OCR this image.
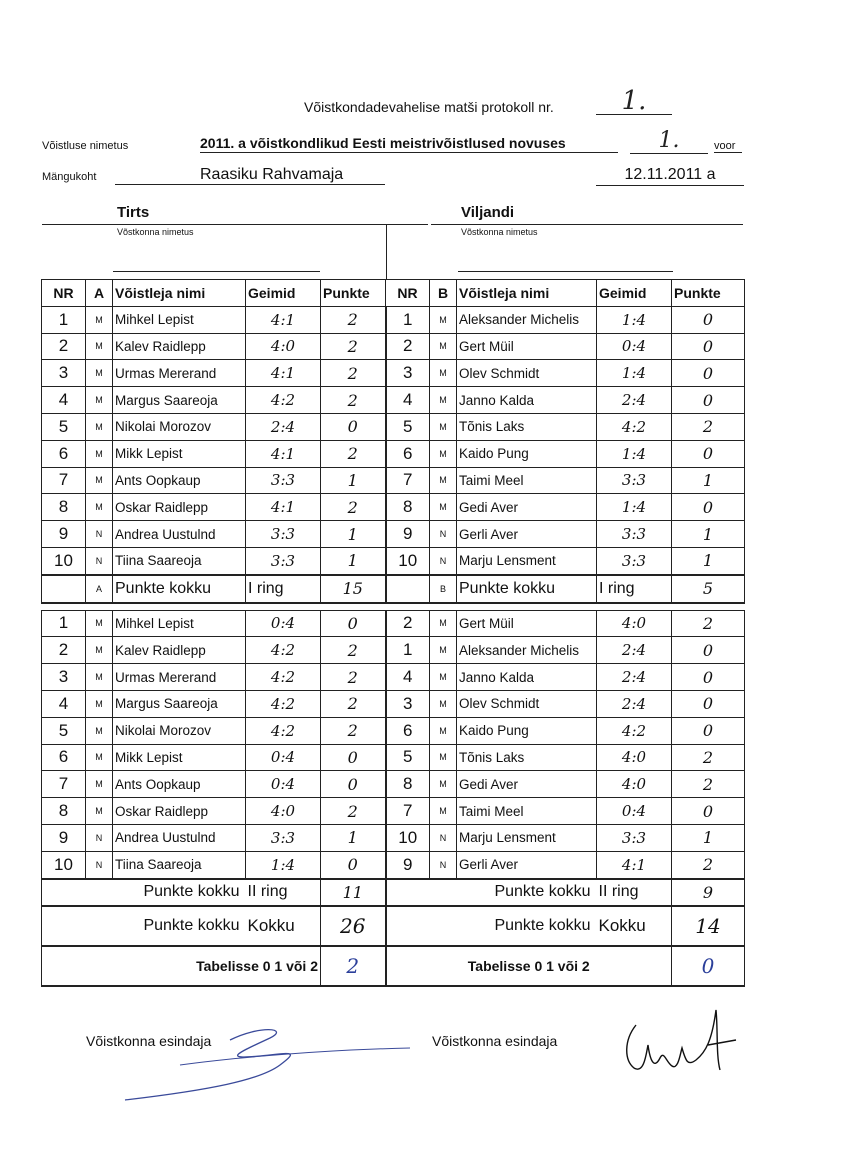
Võistkondadevahelise matši protokoll nr.	1.
Võistluse nimetus	2011. a võistkondlikud Eesti meistrivõistlused novuses	1.	voor
Mängukoht	Raasiku Rahvamaja	12.11.2011 a
Tirts
Võstkonna nimetus
Viljandi
Võstkonna nimetus
NR	A	Võistleja nimi	Geimid	Punkte	NR	B	Võistleja nimi	Geimid	Punkte
1	M	Mihkel Lepist	4:1	2	1	M	Aleksander Michelis	1:4	0
2	M	Kalev Raidlepp	4:0	2	2	M	Gert Müil	0:4	0
3	M	Urmas Mererand	4:1	2	3	M	Olev Schmidt	1:4	0
4	M	Margus Saareoja	4:2	2	4	M	Janno Kalda	2:4	0
5	M	Nikolai Morozov	2:4	0	5	M	Tõnis Laks	4:2	2
6	M	Mikk Lepist	4:1	2	6	M	Kaido Pung	1:4	0
7	M	Ants Oopkaup	3:3	1	7	M	Taimi Meel	3:3	1
8	M	Oskar Raidlepp	4:1	2	8	M	Gedi Aver	1:4	0
9	N	Andrea Uustulnd	3:3	1	9	N	Gerli Aver	3:3	1
10	N	Tiina Saareoja	3:3	1	10	N	Marju Lensment	3:3	1
	A	Punkte kokku	I ring	15		B	Punkte kokku	I ring	5

1	M	Mihkel Lepist	0:4	0	2	M	Gert Müil	4:0	2
2	M	Kalev Raidlepp	4:2	2	1	M	Aleksander Michelis	2:4	0
3	M	Urmas Mererand	4:2	2	4	M	Janno Kalda	2:4	0
4	M	Margus Saareoja	4:2	2	3	M	Olev Schmidt	2:4	0
5	M	Nikolai Morozov	4:2	2	6	M	Kaido Pung	4:2	0
6	M	Mikk Lepist	0:4	0	5	M	Tõnis Laks	4:0	2
7	M	Ants Oopkaup	0:4	0	8	M	Gedi Aver	4:0	2
8	M	Oskar Raidlepp	4:0	2	7	M	Taimi Meel	0:4	0
9	N	Andrea Uustulnd	3:3	1	10	N	Marju Lensment	3:3	1
10	N	Tiina Saareoja	1:4	0	9	N	Gerli Aver	4:1	2
Punkte kokku			II ring	11	Punkte kokku			II ring	9
Punkte kokku			Kokku	26	Punkte kokku			Kokku	14
Tabelisse 0 1 või 2				2	Tabelisse 0 1 või 2				0
Võistkonna esindaja	Võistkonna esindaja
